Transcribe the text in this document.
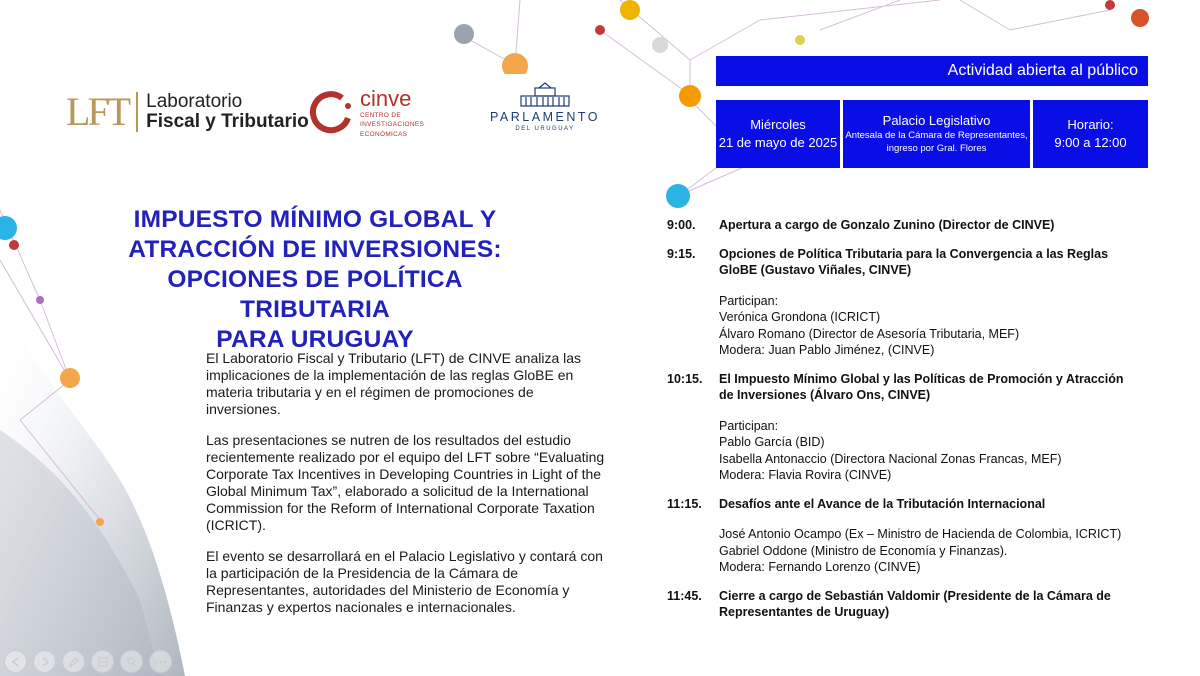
LFT Laboratorio
Fiscal y Tributario
cinve
CENTRO DE
INVESTIGACIONES
ECONÓMICAS
PARLAMENTO
DEL URUGUAY
Actividad abierta al público
Miércoles
21 de mayo de 2025
Palacio Legislativo
Antesala de la Cámara de Representantes,
ingreso por Gral. Flores
Horario:
9:00 a 12:00
IMPUESTO MÍNIMO GLOBAL Y
ATRACCIÓN DE INVERSIONES:
OPCIONES DE POLÍTICA TRIBUTARIA
PARA URUGUAY

El Laboratorio Fiscal y Tributario (LFT) de CINVE analiza las implicaciones de la implementación de las reglas GloBE en materia tributaria y en el régimen de promociones de inversiones.

Las presentaciones se nutren de los resultados del estudio recientemente realizado por el equipo del LFT sobre “Evaluating Corporate Tax Incentives in Developing Countries in Light of the Global Minimum Tax”, elaborado a solicitud de la International Commission for the Reform of International Corporate Taxation (ICRICT).

El evento se desarrollará en el Palacio Legislativo y contará con la participación de la Presidencia de la Cámara de Representantes, autoridades del Ministerio de Economía y Finanzas y expertos nacionales e internacionales.

9:00.	Apertura a cargo de Gonzalo Zunino (Director de CINVE)
9:15.	Opciones de Política Tributaria para la Convergencia a las Reglas GloBE (Gustavo Viñales, CINVE)
Participan:
Verónica Grondona (ICRICT)
Álvaro Romano (Director de Asesoría Tributaria, MEF)
Modera: Juan Pablo Jiménez, (CINVE)
10:15.	El Impuesto Mínimo Global y las Políticas de Promoción y Atracción de Inversiones (Álvaro Ons, CINVE)
Participan:
Pablo García (BID)
Isabella Antonaccio (Directora Nacional Zonas Francas, MEF)
Modera: Flavia Rovira (CINVE)
11:15.	Desafíos ante el Avance de la Tributación Internacional
José Antonio Ocampo (Ex – Ministro de Hacienda de Colombia, ICRICT)
Gabriel Oddone (Ministro de Economía y Finanzas).
Modera: Fernando Lorenzo (CINVE)
11:45.	Cierre a cargo de Sebastián Valdomir (Presidente de la Cámara de Representantes de Uruguay)
